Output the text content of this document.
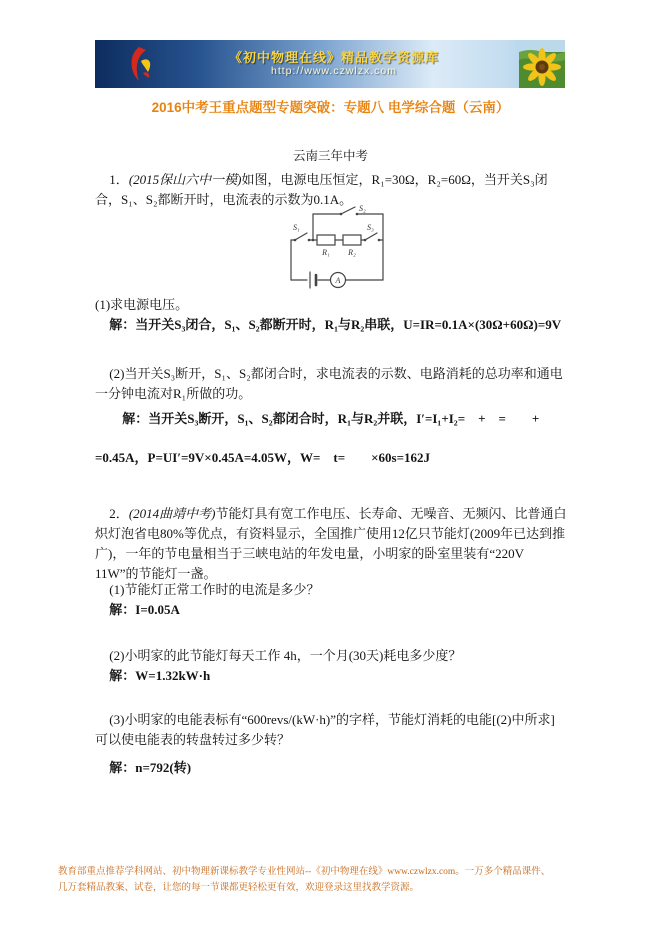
《初中物理在线》精品教学资源库
http://www.czwlzx.com
2016中考王重点题型专题突破：专题八 电学综合题（云南）
云南三年中考

1．(2015保山六中一模)如图，电源电压恒定，R₁=30Ω，R₂=60Ω，当开关S₃闭合，S₁、S₂都断开时，电流表的示数为0.1A。

S₂
S₁	S₃
R₁ R₂
A

(1)求电源电压。

解：当开关S₃闭合，S₁、S₂都断开时，R₁与R₂串联，U=IR=0.1A×(30Ω+60Ω)=9V

(2)当开关S₃断开，S₁、S₂都闭合时，求电流表的示数、电路消耗的总功率和通电一分钟电流对R₁所做的功。

解：当开关S₃断开，S₁、S₂都闭合时，R₁与R₂并联，I′=I₁+I₂=　+　=　　+

=0.45A，P=UI′=9V×0.45A=4.05W，W=　t=　　×60s=162J

2．(2014曲靖中考)节能灯具有宽工作电压、长寿命、无噪音、无频闪、比普通白炽灯泡省电80%等优点，有资料显示，全国推广使用12亿只节能灯(2009年已达到推广)，一年的节电量相当于三峡电站的年发电量，小明家的卧室里装有“220V 11W”的节能灯一盏。

(1)节能灯正常工作时的电流是多少？

解：I=0.05A

(2)小明家的此节能灯每天工作 4h，一个月(30天)耗电多少度？

解：W=1.32kW·h

(3)小明家的电能表标有“600revs/(kW·h)”的字样，节能灯消耗的电能[(2)中所求]可以使电能表的转盘转过多少转？

解：n=792(转)

教育部重点推荐学科网站、初中物理新课标教学专业性网站--《初中物理在线》www.czwlzx.com。一万多个精品课件、
几万套精品教案、试卷，让您的每一节课都更轻松更有效，欢迎登录这里找教学资源。
